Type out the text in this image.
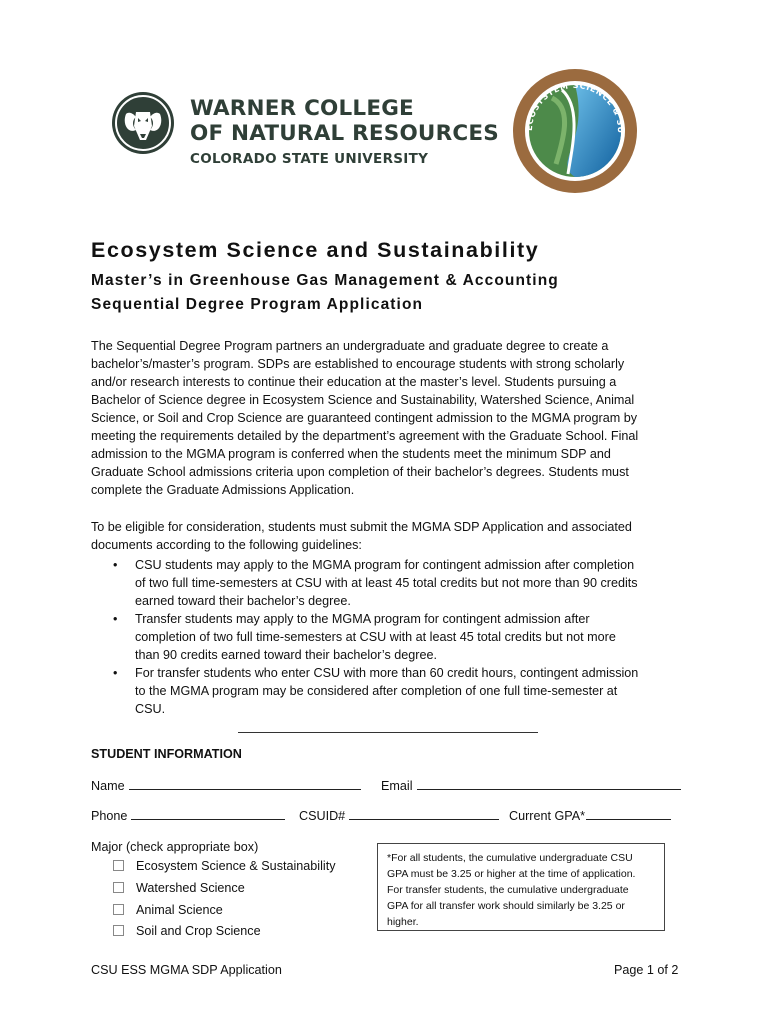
WARNER COLLEGE
OF NATURAL RESOURCES
COLORADO STATE UNIVERSITY
ECOSYSTEM SCIENCE & SU
Ecosystem Science and Sustainability
Master’s in Greenhouse Gas Management & Accounting
Sequential Degree Program Application
The Sequential Degree Program partners an undergraduate and graduate degree to create a
bachelor’s/master’s program. SDPs are established to encourage students with strong scholarly
and/or research interests to continue their education at the master’s level. Students pursuing a
Bachelor of Science degree in Ecosystem Science and Sustainability, Watershed Science, Animal
Science, or Soil and Crop Science are guaranteed contingent admission to the MGMA program by
meeting the requirements detailed by the department’s agreement with the Graduate School. Final
admission to the MGMA program is conferred when the students meet the minimum SDP and
Graduate School admissions criteria upon completion of their bachelor’s degrees. Students must
complete the Graduate Admissions Application.
To be eligible for consideration, students must submit the MGMA SDP Application and associated
documents according to the following guidelines:
• CSU students may apply to the MGMA program for contingent admission after completion
of two full time-semesters at CSU with at least 45 total credits but not more than 90 credits
earned toward their bachelor’s degree.
• Transfer students may apply to the MGMA program for contingent admission after
completion of two full time-semesters at CSU with at least 45 total credits but not more
than 90 credits earned toward their bachelor’s degree.
• For transfer students who enter CSU with more than 60 credit hours, contingent admission
to the MGMA program may be considered after completion of one full time-semester at
CSU.
STUDENT INFORMATION
Name	Email
Phone	CSUID#	Current GPA*
Major (check appropriate box)
Ecosystem Science & Sustainability
Watershed Science
Animal Science
Soil and Crop Science
*For all students, the cumulative undergraduate CSU
GPA must be 3.25 or higher at the time of application.
For transfer students, the cumulative undergraduate
GPA for all transfer work should similarly be 3.25 or
higher.
CSU ESS MGMA SDP Application	Page 1 of 2
